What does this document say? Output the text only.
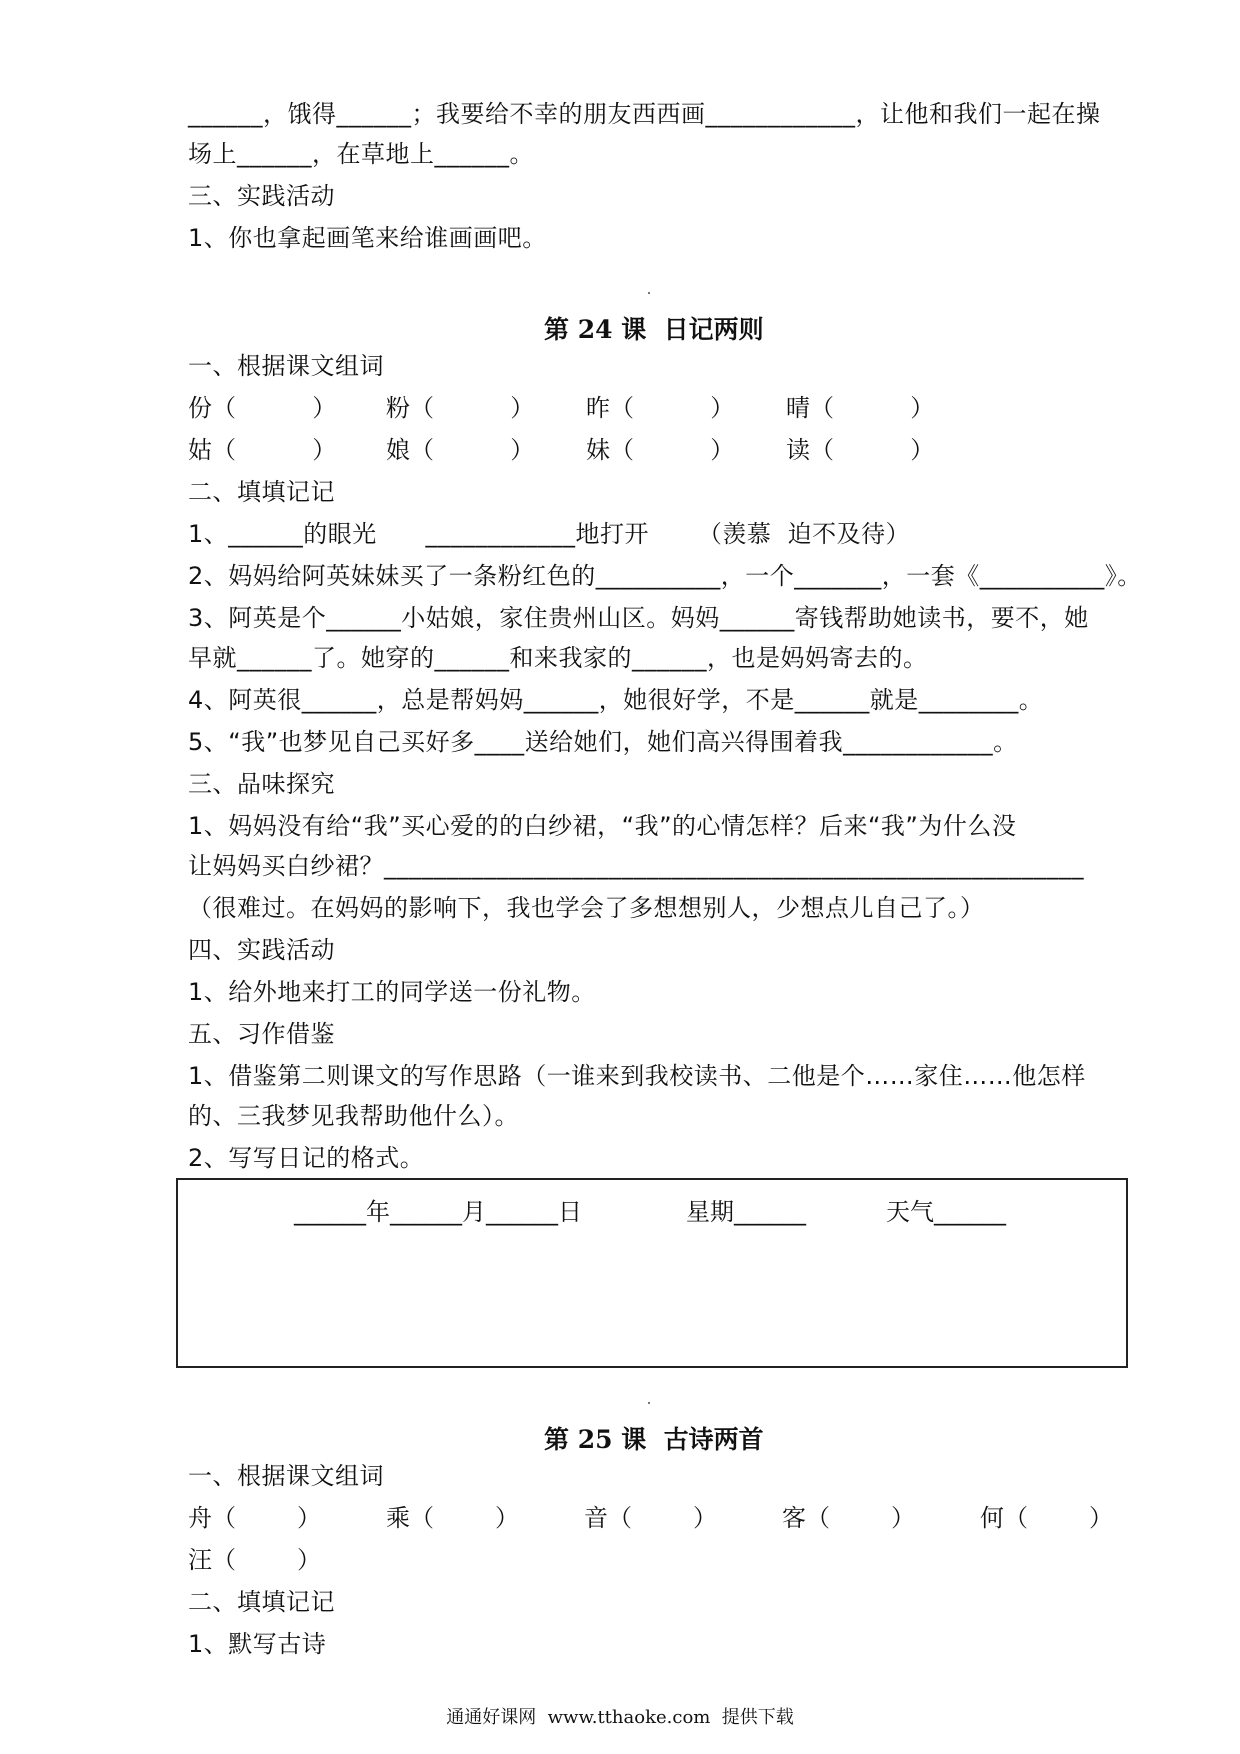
______，饿得______；我要给不幸的朋友西西画____________，让他和我们一起在操
场上______，在草地上______。
三、实践活动
1、你也拿起画笔来给谁画画吧。
第 24 课  日记两则
一、根据课文组词
份（          ） 粉（          ） 昨（          ） 晴（          ）
姑（          ） 娘（          ） 妹（          ） 读（          ）
二、填填记记
1、______的眼光      ____________地打开      （羡慕  迫不及待）
2、妈妈给阿英妹妹买了一条粉红色的__________，一个_______，一套《__________》。
3、阿英是个______小姑娘，家住贵州山区。妈妈______寄钱帮助她读书，要不，她
早就______了。她穿的______和来我家的______，也是妈妈寄去的。
4、阿英很______，总是帮妈妈______，她很好学，不是______就是________。
5、“我”也梦见自己买好多____送给她们，她们高兴得围着我____________。
三、品味探究
1、妈妈没有给“我”买心爱的的白纱裙，“我”的心情怎样？后来“我”为什么没
让妈妈买白纱裙？________________________________________________________
（很难过。在妈妈的影响下，我也学会了多想想别人，少想点儿自己了。）
四、实践活动
1、给外地来打工的同学送一份礼物。
五、习作借鉴
1、借鉴第二则课文的写作思路（一谁来到我校读书、二他是个……家住……他怎样
的、三我梦见我帮助他什么）。
2、写写日记的格式。
______年______月______日	星期______	天气______
第 25 课  古诗两首
一、根据课文组词
舟（        ）	乘（        ）	音（        ）	客（        ）	何（        ）
汪（        ）
二、填填记记
1、默写古诗
通通好课网  www.tthaoke.com  提供下载
